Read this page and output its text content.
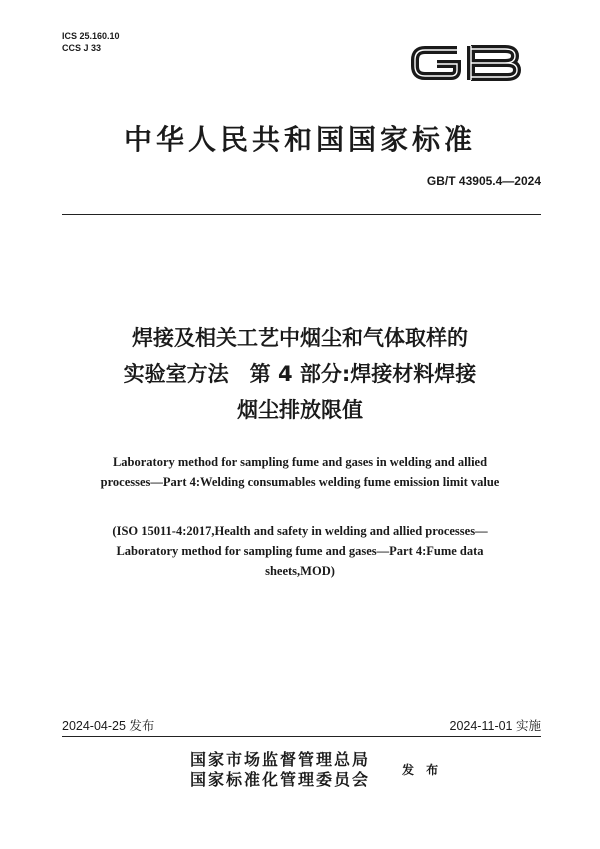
ICS 25.160.10
CCS J 33
中华人民共和国国家标准
GB/T 43905.4—2024
焊接及相关工艺中烟尘和气体取样的
实验室方法　第 4 部分:焊接材料焊接
烟尘排放限值
Laboratory method for sampling fume and gases in welding and allied
processes—Part 4:Welding consumables welding fume emission limit value
(ISO 15011-4:2017,Health and safety in welding and allied processes—
Laboratory method for sampling fume and gases—Part 4:Fume data
sheets,MOD)
2024-04-25 发布	2024-11-01 实施
国家市场监督管理总局
国家标准化管理委员会	发 布
